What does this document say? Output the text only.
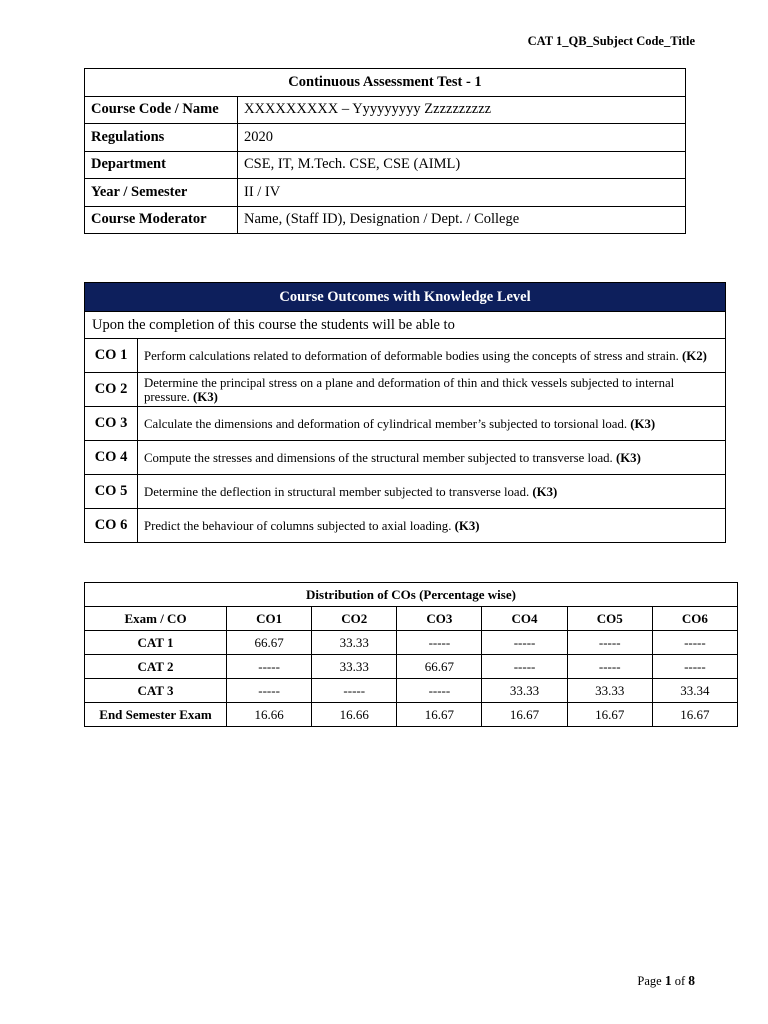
CAT 1_QB_Subject Code_Title
Continuous Assessment Test - 1	
Course Code / Name	XXXXXXXXX – Yyyyyyyyy Zzzzzzzzzz
Regulations	2020
Department	CSE, IT, M.Tech. CSE, CSE (AIML)
Year / Semester	II / IV
Course Moderator	Name, (Staff ID), Designation / Dept. / College
Course Outcomes with Knowledge Level	
Upon the completion of this course the students will be able to	
CO 1	Perform calculations related to deformation of deformable bodies using the concepts of stress and strain. (K2)
CO 2	Determine the principal stress on a plane and deformation of thin and thick vessels subjected to internal pressure. (K3)
CO 3	Calculate the dimensions and deformation of cylindrical member’s subjected to torsional load. (K3)
CO 4	Compute the stresses and dimensions of the structural member subjected to transverse load. (K3)
CO 5	Determine the deflection in structural member subjected to transverse load. (K3)
CO 6	Predict the behaviour of columns subjected to axial loading. (K3)
Distribution of COs (Percentage wise)						
Exam / CO	CO1	CO2	CO3	CO4	CO5	CO6
CAT 1	66.67	33.33	-----	-----	-----	-----
CAT 2	-----	33.33	66.67	-----	-----	-----
CAT 3	-----	-----	-----	33.33	33.33	33.34
End Semester Exam	16.66	16.66	16.67	16.67	16.67	16.67
Page 1 of 8
